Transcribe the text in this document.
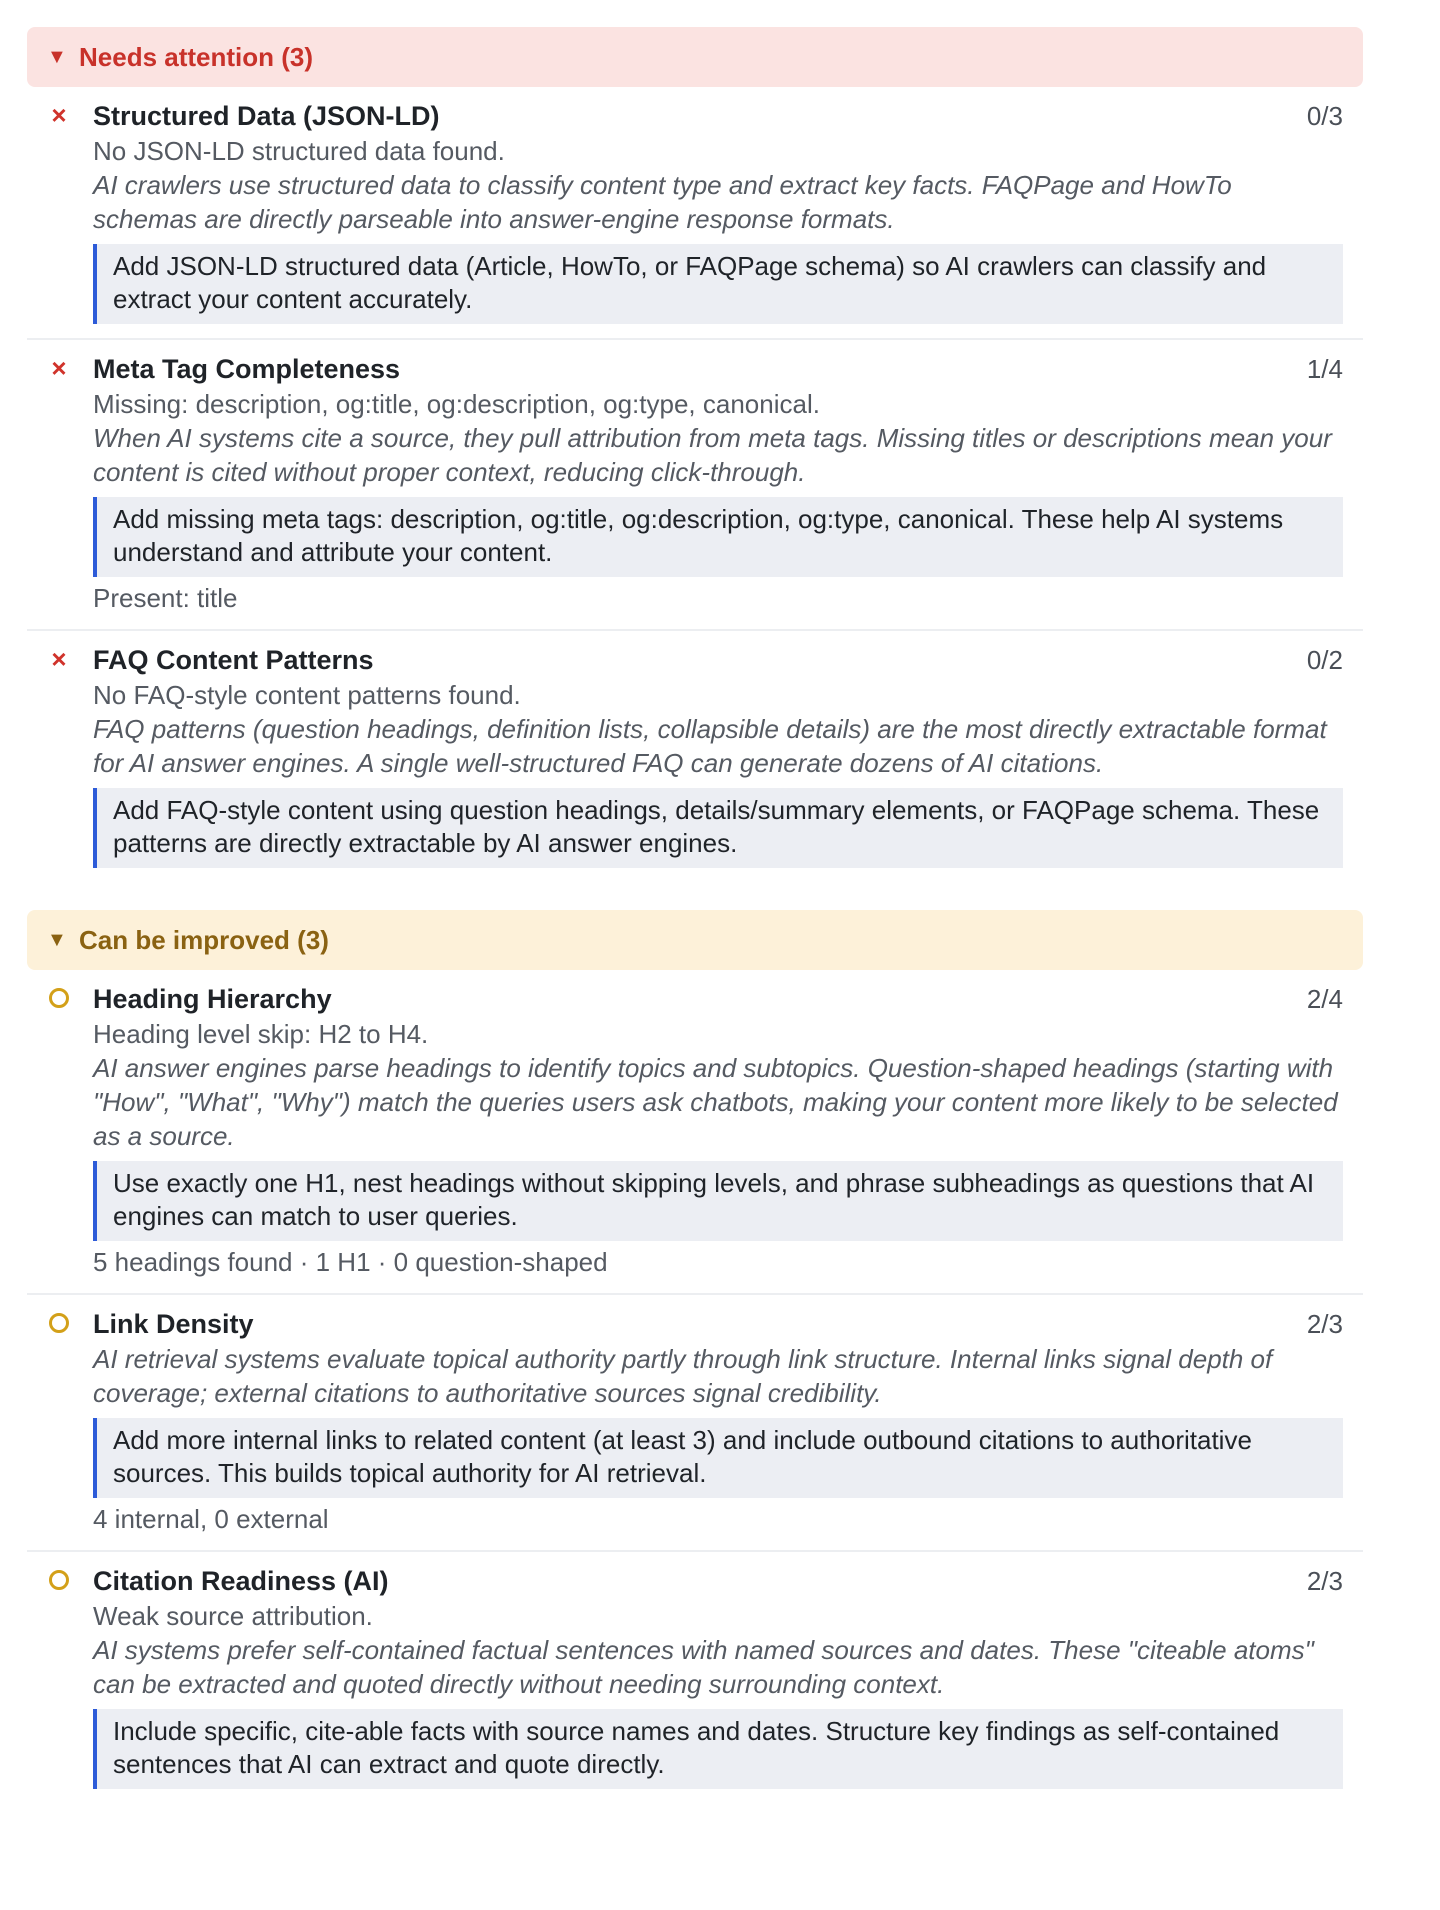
▼ Needs attention (3)
× Structured Data (JSON-LD)	0/3
No JSON-LD structured data found.
AI crawlers use structured data to classify content type and extract key facts. FAQPage and HowTo schemas are directly parseable into answer-engine response formats.
Add JSON-LD structured data (Article, HowTo, or FAQPage schema) so AI crawlers can classify and extract your content accurately.
× Meta Tag Completeness	1/4
Missing: description, og:title, og:description, og:type, canonical.
When AI systems cite a source, they pull attribution from meta tags. Missing titles or descriptions mean your content is cited without proper context, reducing click-through.
Add missing meta tags: description, og:title, og:description, og:type, canonical. These help AI systems understand and attribute your content.
Present: title
× FAQ Content Patterns	0/2
No FAQ-style content patterns found.
FAQ patterns (question headings, definition lists, collapsible details) are the most directly extractable format for AI answer engines. A single well-structured FAQ can generate dozens of AI citations.
Add FAQ-style content using question headings, details/summary elements, or FAQPage schema. These patterns are directly extractable by AI answer engines.
▼ Can be improved (3)
Heading Hierarchy	2/4
Heading level skip: H2 to H4.
AI answer engines parse headings to identify topics and subtopics. Question-shaped headings (starting with "How", "What", "Why") match the queries users ask chatbots, making your content more likely to be selected as a source.
Use exactly one H1, nest headings without skipping levels, and phrase subheadings as questions that AI engines can match to user queries.
5 headings found · 1 H1 · 0 question-shaped
Link Density	2/3
AI retrieval systems evaluate topical authority partly through link structure. Internal links signal depth of coverage; external citations to authoritative sources signal credibility.
Add more internal links to related content (at least 3) and include outbound citations to authoritative sources. This builds topical authority for AI retrieval.
4 internal, 0 external
Citation Readiness (AI)	2/3
Weak source attribution.
AI systems prefer self-contained factual sentences with named sources and dates. These "citeable atoms" can be extracted and quoted directly without needing surrounding context.
Include specific, cite-able facts with source names and dates. Structure key findings as self-contained sentences that AI can extract and quote directly.
